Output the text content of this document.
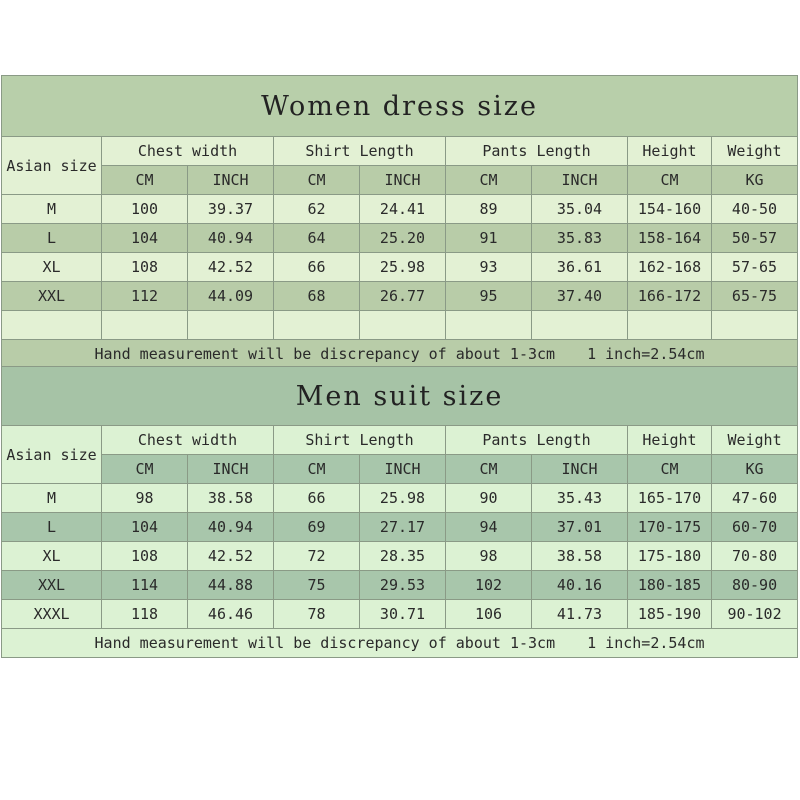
Women dress size								
Asian size	Chest width		Shirt Length		Pants Length		Height	Weight
	CM	INCH	CM	INCH	CM	INCH	CM	KG
M	100	39.37	62	24.41	89	35.04	154-160	40-50
L	104	40.94	64	25.20	91	35.83	158-164	50-57
XL	108	42.52	66	25.98	93	36.61	162-168	57-65
XXL	112	44.09	68	26.77	95	37.40	166-172	65-75

Hand measurement will be discrepancy of about 1-3cm 1 inch=2.54cm								
Men suit size								
Asian size	Chest width		Shirt Length		Pants Length		Height	Weight
	CM	INCH	CM	INCH	CM	INCH	CM	KG
M	98	38.58	66	25.98	90	35.43	165-170	47-60
L	104	40.94	69	27.17	94	37.01	170-175	60-70
XL	108	42.52	72	28.35	98	38.58	175-180	70-80
XXL	114	44.88	75	29.53	102	40.16	180-185	80-90
XXXL	118	46.46	78	30.71	106	41.73	185-190	90-102
Hand measurement will be discrepancy of about 1-3cm 1 inch=2.54cm								
